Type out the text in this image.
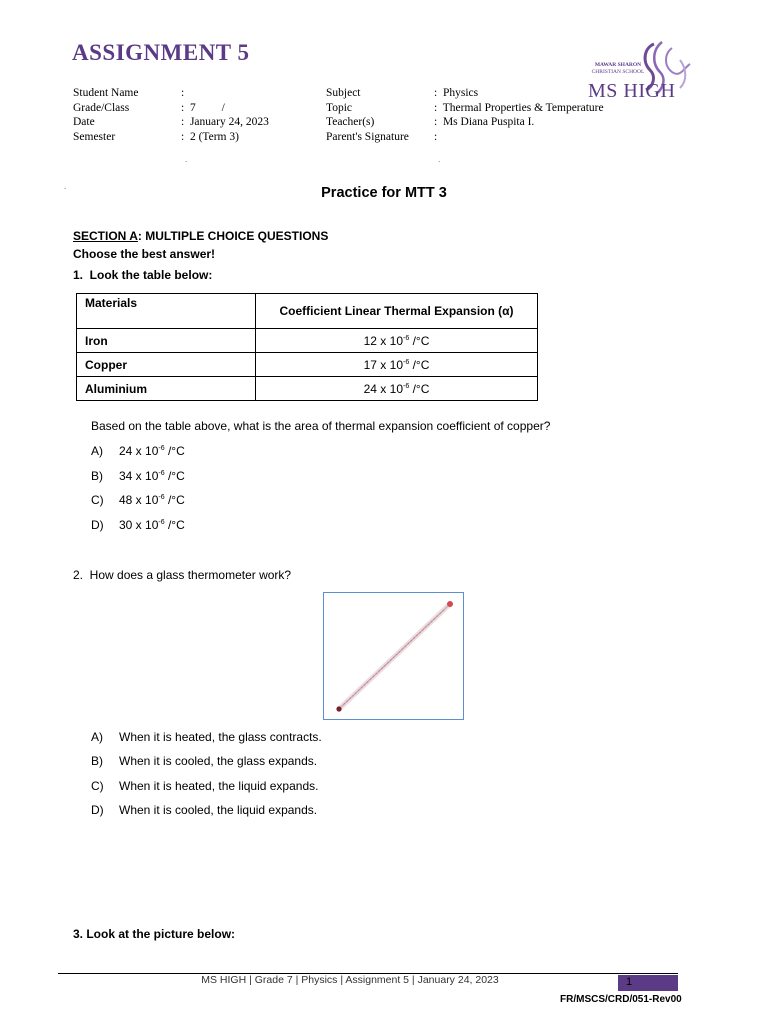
ASSIGNMENT 5
Student Name	:
Grade/Class	:  7         /
Date	:  January 24, 2023
Semester	:  2 (Term 3)
Subject	:  Physics
Topic	:  Thermal Properties & Temperature
Teacher(s)	:  Ms Diana Puspita I.
Parent's Signature :
.	.
.
MAWAR SHARON
CHRISTIAN SCHOOL
MS HIGH
Practice for MTT 3
SECTION A: MULTIPLE CHOICE QUESTIONS
Choose the best answer!
1.  Look the table below:
Materials	Coefficient Linear Thermal Expansion (α)
Iron	12 x $10^{-6}$ /°C
Copper	17 x $10^{-6}$ /°C
Aluminium	24 x $10^{-6}$ /°C
Based on the table above, what is the area of thermal expansion coefficient of copper?
A) 24 x $10^{-6}$ /°C
B) 34 x $10^{-6}$ /°C
C) 48 x $10^{-6}$ /°C
D) 30 x $10^{-6}$ /°C
2.  How does a glass thermometer work?
A) When it is heated, the glass contracts.
B) When it is cooled, the glass expands.
C) When it is heated, the liquid expands.
D) When it is cooled, the liquid expands.
3. Look at the picture below:
MS HIGH | Grade 7 | Physics | Assignment 5 | January 24, 2023	1
FR/MSCS/CRD/051-Rev00
